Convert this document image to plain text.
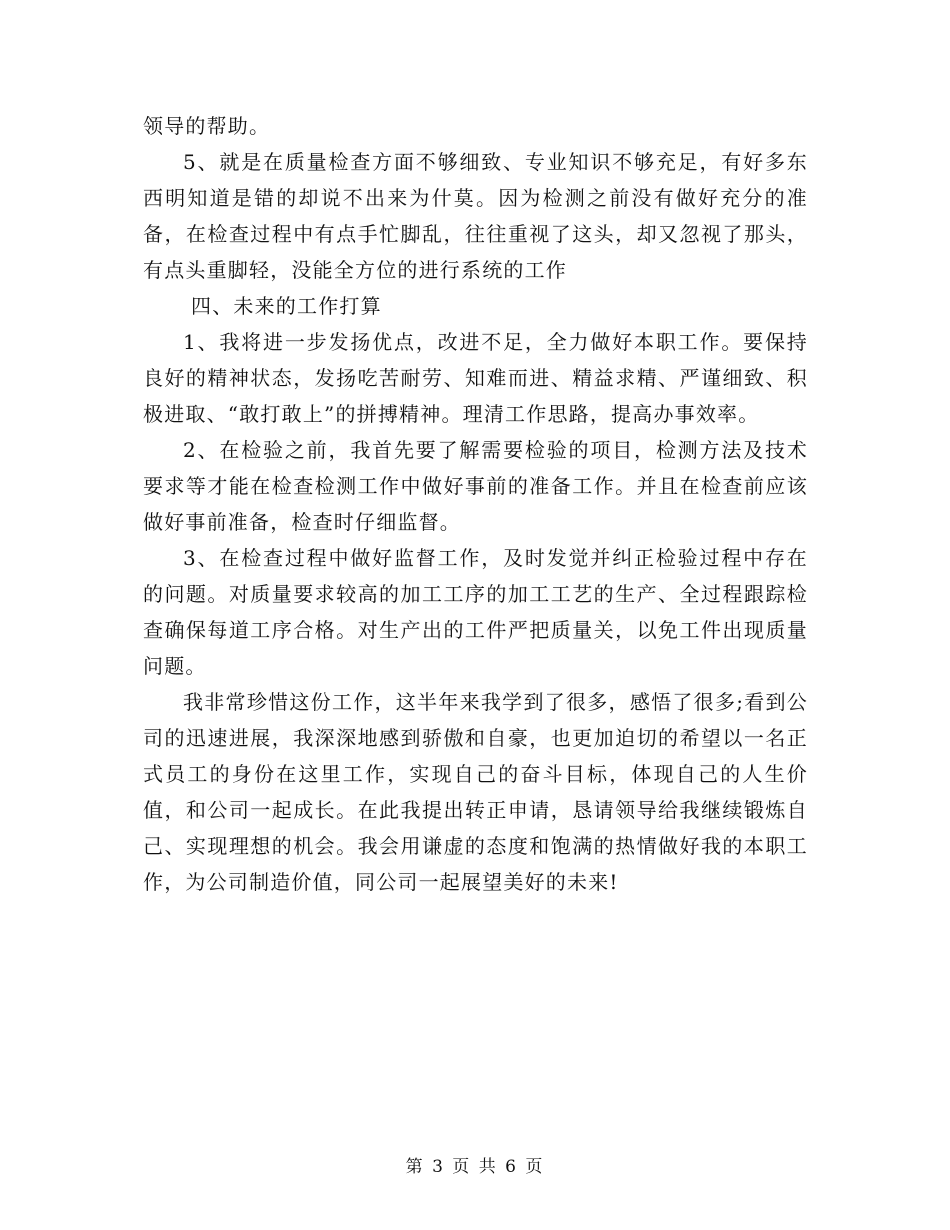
领导的帮助。

5、就是在质量检查方面不够细致、专业知识不够充足，有好多东西明知道是错的却说不出来为什莫。因为检测之前没有做好充分的准备，在检查过程中有点手忙脚乱，往往重视了这头，却又忽视了那头，有点头重脚轻，没能全方位的进行系统的工作

四、未来的工作打算

1、我将进一步发扬优点，改进不足，全力做好本职工作。要保持良好的精神状态，发扬吃苦耐劳、知难而进、精益求精、严谨细致、积极进取、“敢打敢上”的拼搏精神。理清工作思路，提高办事效率。

2、在检验之前，我首先要了解需要检验的项目，检测方法及技术要求等才能在检查检测工作中做好事前的准备工作。并且在检查前应该做好事前准备，检查时仔细监督。

3、在检查过程中做好监督工作，及时发觉并纠正检验过程中存在的问题。对质量要求较高的加工工序的加工工艺的生产、全过程跟踪检查确保每道工序合格。对生产出的工件严把质量关，以免工件出现质量问题。

我非常珍惜这份工作，这半年来我学到了很多，感悟了很多;看到公司的迅速进展，我深深地感到骄傲和自豪，也更加迫切的希望以一名正式员工的身份在这里工作，实现自己的奋斗目标，体现自己的人生价值，和公司一起成长。在此我提出转正申请，恳请领导给我继续锻炼自己、实现理想的机会。我会用谦虚的态度和饱满的热情做好我的本职工作，为公司制造价值，同公司一起展望美好的未来!

第 3 页 共 6 页
